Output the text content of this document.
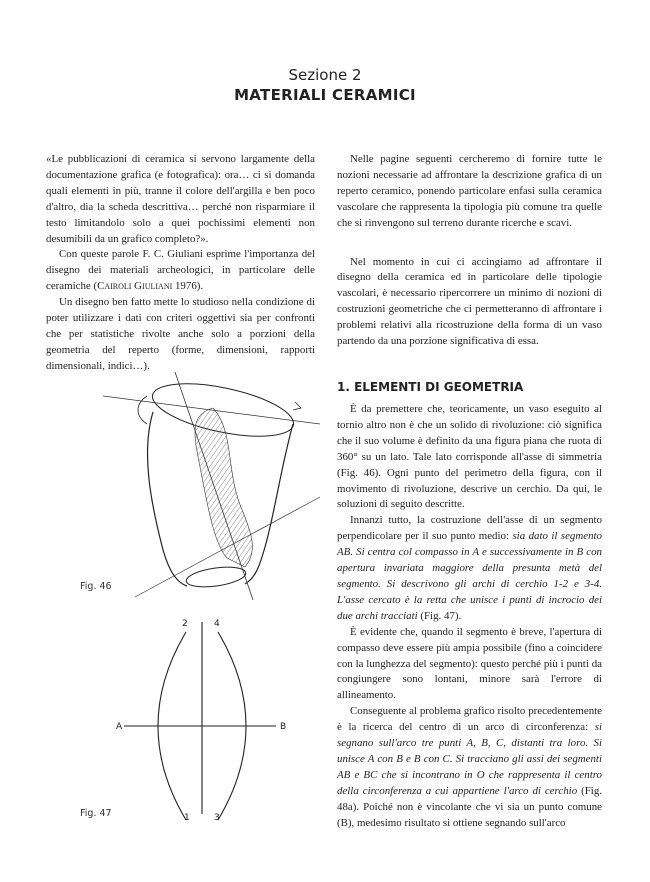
Sezione 2
MATERIALI CERAMICI

«Le pubblicazioni di ceramica si servono largamente della documentazione grafica (e fotografica): ora… ci si domanda quali elementi in più, tranne il colore dell'argilla e ben poco d'altro, dia la scheda descrittiva… perché non risparmiare il testo limitandolo solo a quei pochissimi elementi non desumibili da un grafico completo?».

Con queste parole F. C. Giuliani esprime l'importanza del disegno dei materiali archeologici, in particolare delle ceramiche (Cairoli Giuliani 1976).

Un disegno ben fatto mette lo studioso nella condizione di poter utilizzare i dati con criteri oggettivi sia per confronti che per statistiche rivolte anche solo a porzioni della geometria del reperto (forme, dimensioni, rapporti dimensionali, indici…).

Nelle pagine seguenti cercheremo di fornire tutte le nozioni necessarie ad affrontare la descrizione grafica di un reperto ceramico, ponendo particolare enfasi sulla ceramica vascolare che rappresenta la tipologia più comune tra quelle che si rinvengono sul terreno durante ricerche e scavi.

Nel momento in cui ci accingiamo ad affrontare il disegno della ceramica ed in particolare delle tipologie vascolari, è necessario ripercorrere un minimo di nozioni di costruzioni geometriche che ci permetteranno di affrontare i problemi relativi alla ricostruzione della forma di un vaso partendo da una porzione significativa di essa.

1. ELEMENTI DI GEOMETRIA

È da premettere che, teoricamente, un vaso eseguito al tornio altro non è che un solido di rivoluzione: ciò significa che il suo volume è definito da una figura piana che ruota di 360° su un lato. Tale lato corrisponde all'asse di simmetria (Fig. 46). Ogni punto del perimetro della figura, con il movimento di rivoluzione, descrive un cerchio. Da qui, le soluzioni di seguito descritte.

Innanzi tutto, la costruzione dell'asse di un segmento perpendicolare per il suo punto medio: sia dato il segmento AB. Si centra col compasso in A e successivamente in B con apertura invariata maggiore della presunta metà del segmento. Si descrivono gli archi di cerchio 1-2 e 3-4. L'asse cercato è la retta che unisce i punti di incrocio dei due archi tracciati (Fig. 47).

È evidente che, quando il segmento è breve, l'apertura di compasso deve essere più ampia possibile (fino a coincidere con la lunghezza del segmento): questo perché più i punti da congiungere sono lontani, minore sarà l'errore di allineamento.

Conseguente al problema grafico risolto precedentemente è la ricerca del centro di un arco di circonferenza: si segnano sull'arco tre punti A, B, C, distanti tra loro. Si unisce A con B e B con C. Si tracciano gli assi dei segmenti AB e BC che si incontrano in O che rappresenta il centro della circonferenza a cui appartiene l'arco di cerchio (Fig. 48a). Poiché non è vincolante che vi sia un punto comune (B), medesimo risultato si ottiene segnando sull'arco

Fig. 46
A	B
2	4
1	3
Fig. 47
